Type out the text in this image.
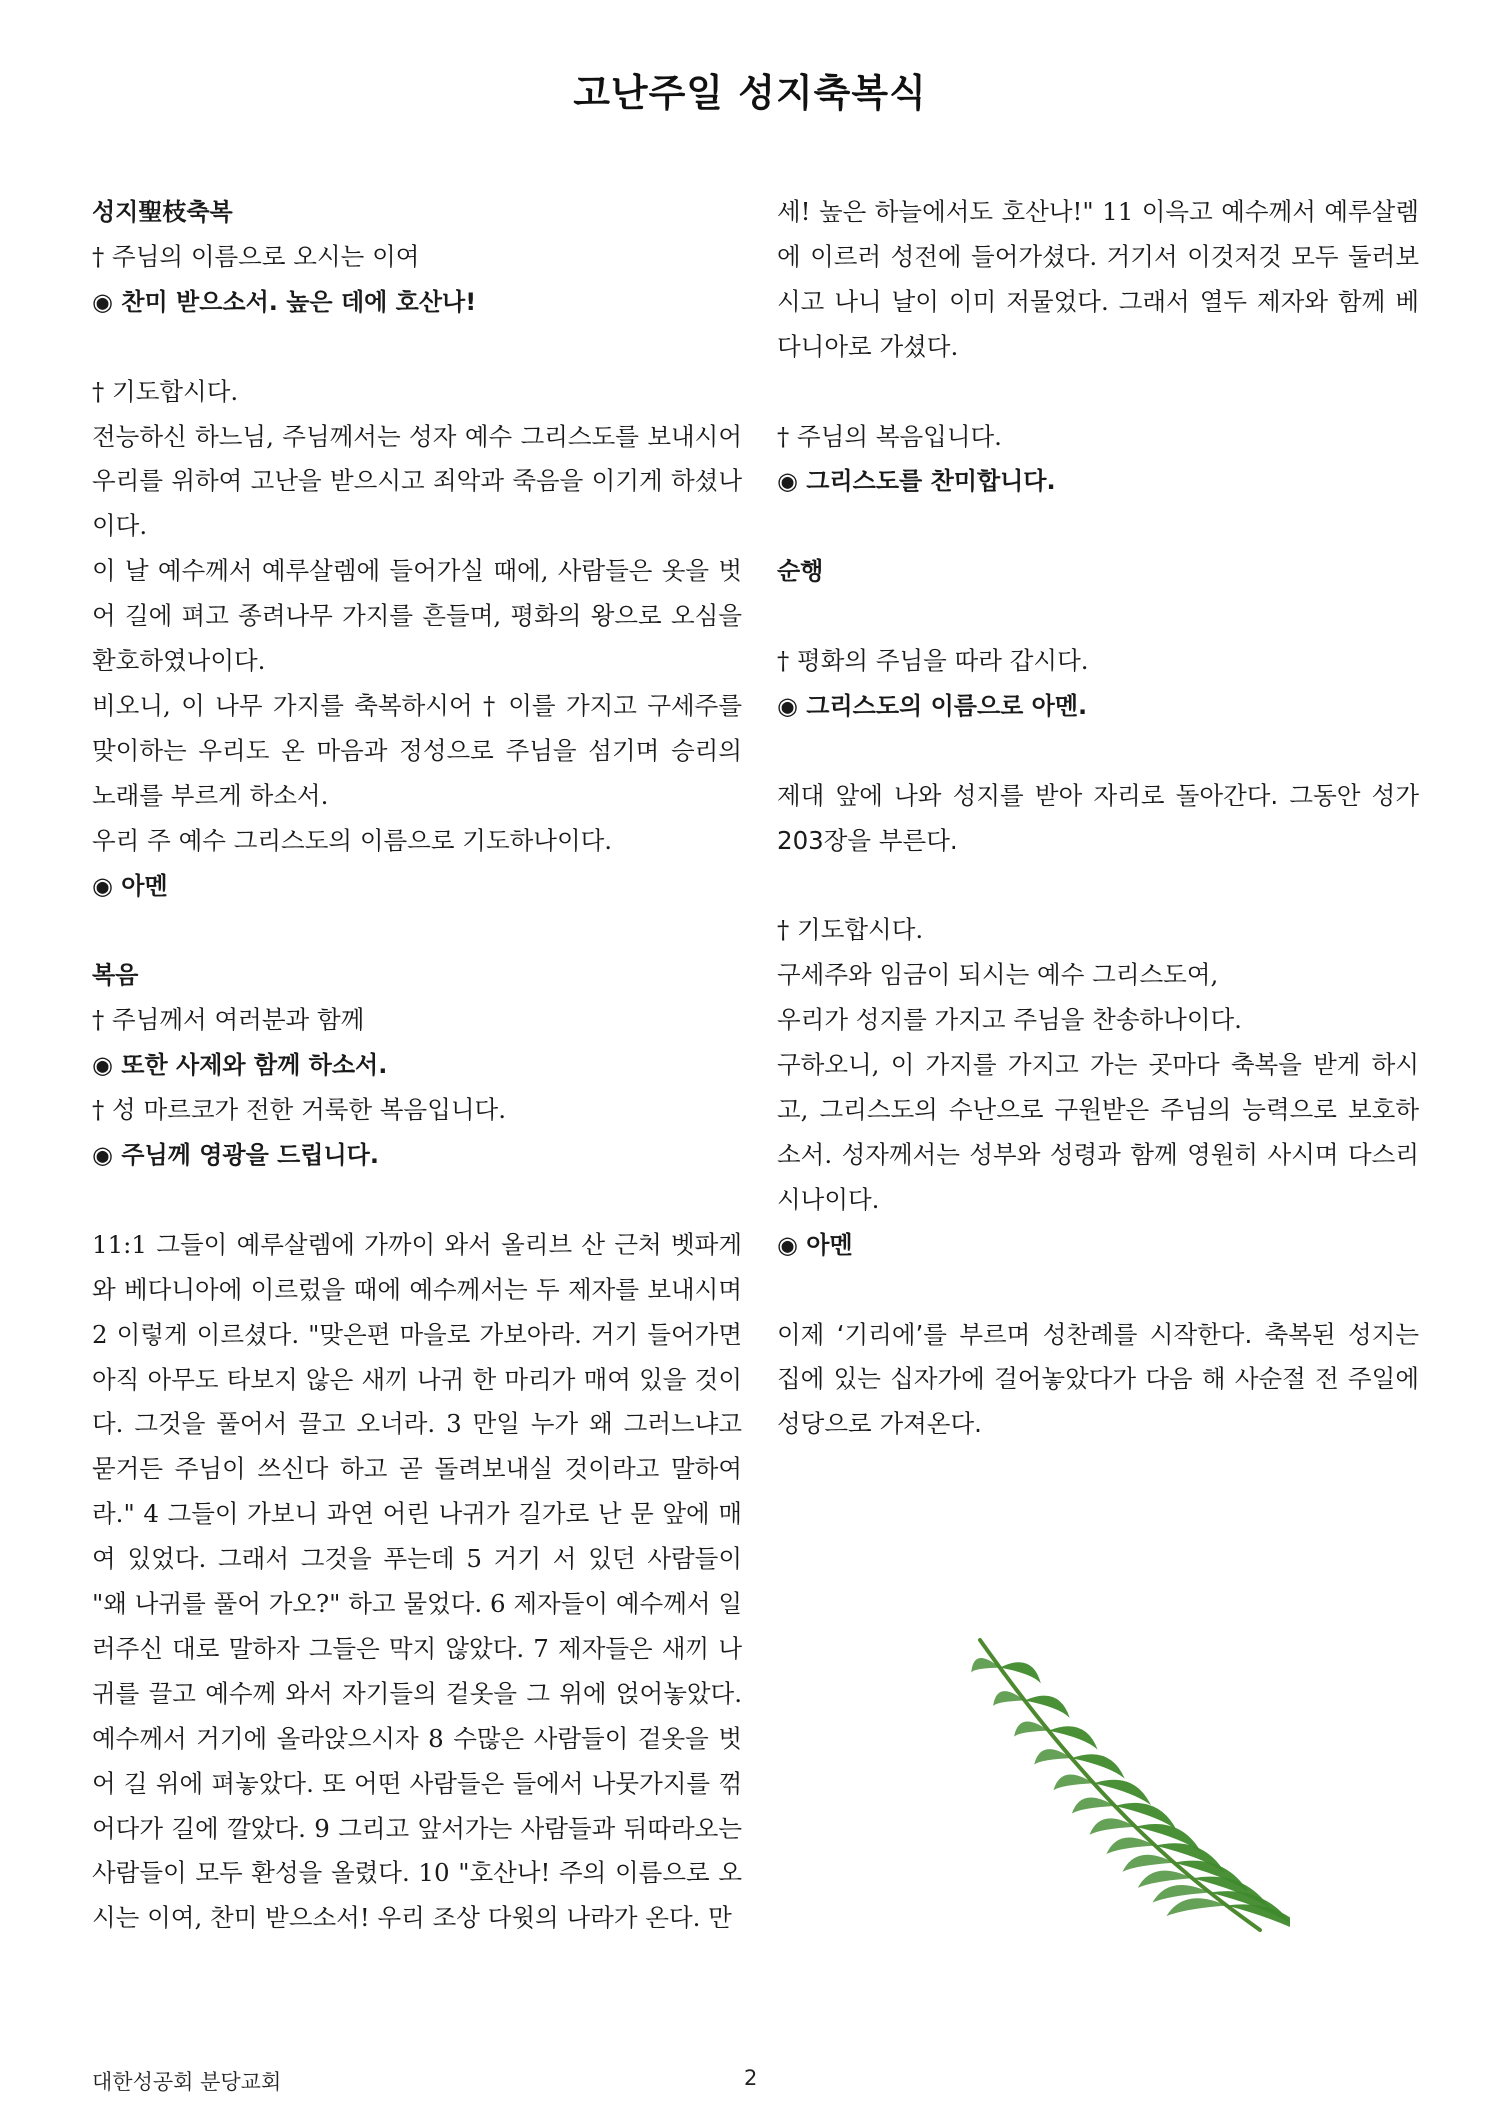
고난주일 성지축복식

성지聖枝축복

† 주님의 이름으로 오시는 이여

◉ 찬미 받으소서. 높은 데에 호산나!

† 기도합시다.

전능하신 하느님, 주님께서는 성자 예수 그리스도를 보내시어 우리를 위하여 고난을 받으시고 죄악과 죽음을 이기게 하셨나이다.

이 날 예수께서 예루살렘에 들어가실 때에, 사람들은 옷을 벗어 길에 펴고 종려나무 가지를 흔들며, 평화의 왕으로 오심을 환호하였나이다.

비오니, 이 나무 가지를 축복하시어 † 이를 가지고 구세주를 맞이하는 우리도 온 마음과 정성으로 주님을 섬기며 승리의 노래를 부르게 하소서.

우리 주 예수 그리스도의 이름으로 기도하나이다.

◉ 아멘

복음

† 주님께서 여러분과 함께

◉ 또한 사제와 함께 하소서.

† 성 마르코가 전한 거룩한 복음입니다.

◉ 주님께 영광을 드립니다.

11:1 그들이 예루살렘에 가까이 와서 올리브 산 근처 벳파게와 베다니아에 이르렀을 때에 예수께서는 두 제자를 보내시며 2 이렇게 이르셨다. "맞은편 마을로 가보아라. 거기 들어가면 아직 아무도 타보지 않은 새끼 나귀 한 마리가 매여 있을 것이다. 그것을 풀어서 끌고 오너라. 3 만일 누가 왜 그러느냐고 묻거든 주님이 쓰신다 하고 곧 돌려보내실 것이라고 말하여라." 4 그들이 가보니 과연 어린 나귀가 길가로 난 문 앞에 매여 있었다. 그래서 그것을 푸는데 5 거기 서 있던 사람들이 "왜 나귀를 풀어 가오?" 하고 물었다. 6 제자들이 예수께서 일러주신 대로 말하자 그들은 막지 않았다. 7 제자들은 새끼 나귀를 끌고 예수께 와서 자기들의 겉옷을 그 위에 얹어놓았다. 예수께서 거기에 올라앉으시자 8 수많은 사람들이 겉옷을 벗어 길 위에 펴놓았다. 또 어떤 사람들은 들에서 나뭇가지를 꺾어다가 길에 깔았다. 9 그리고 앞서가는 사람들과 뒤따라오는 사람들이 모두 환성을 올렸다. 10 "호산나! 주의 이름으로 오시는 이여, 찬미 받으소서! 우리 조상 다윗의 나라가 온다. 만

세! 높은 하늘에서도 호산나!" 11 이윽고 예수께서 예루살렘에 이르러 성전에 들어가셨다. 거기서 이것저것 모두 둘러보시고 나니 날이 이미 저물었다. 그래서 열두 제자와 함께 베다니아로 가셨다.

† 주님의 복음입니다.

◉ 그리스도를 찬미합니다.

순행

† 평화의 주님을 따라 갑시다.

◉ 그리스도의 이름으로 아멘.

제대 앞에 나와 성지를 받아 자리로 돌아간다. 그동안 성가 203장을 부른다.

† 기도합시다.

구세주와 임금이 되시는 예수 그리스도여,

우리가 성지를 가지고 주님을 찬송하나이다.

구하오니, 이 가지를 가지고 가는 곳마다 축복을 받게 하시고, 그리스도의 수난으로 구원받은 주님의 능력으로 보호하소서. 성자께서는 성부와 성령과 함께 영원히 사시며 다스리시나이다.

◉ 아멘

이제 ‘기리에’를 부르며 성찬례를 시작한다. 축복된 성지는 집에 있는 십자가에 걸어놓았다가 다음 해 사순절 전 주일에 성당으로 가져온다.

대한성공회 분당교회	2
